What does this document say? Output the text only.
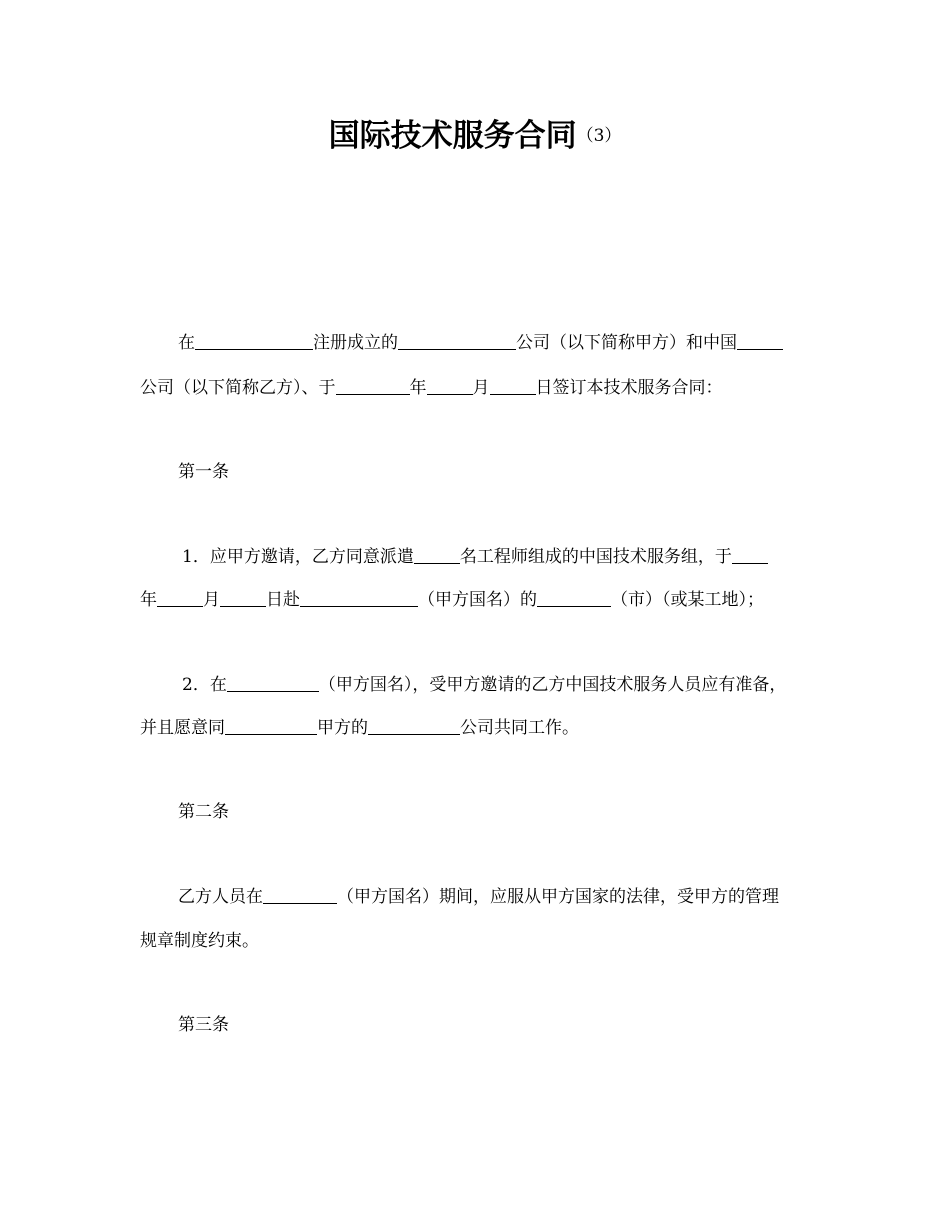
国际技术服务合同（3）
在	注册成立的	公司（以下简称甲方）和中国
公司（以下简称乙方）、于	年	月	日签订本技术服务合同：
第一条
1．应甲方邀请，乙方同意派遣	名工程师组成的中国技术服务组，于
年	月	日赴	（甲方国名）的	（市）（或某工地）；
2．在	（甲方国名），受甲方邀请的乙方中国技术服务人员应有准备，
并且愿意同	甲方的	公司共同工作。
第二条
乙方人员在	（甲方国名）期间，应服从甲方国家的法律，受甲方的管理
规章制度约束。
第三条
